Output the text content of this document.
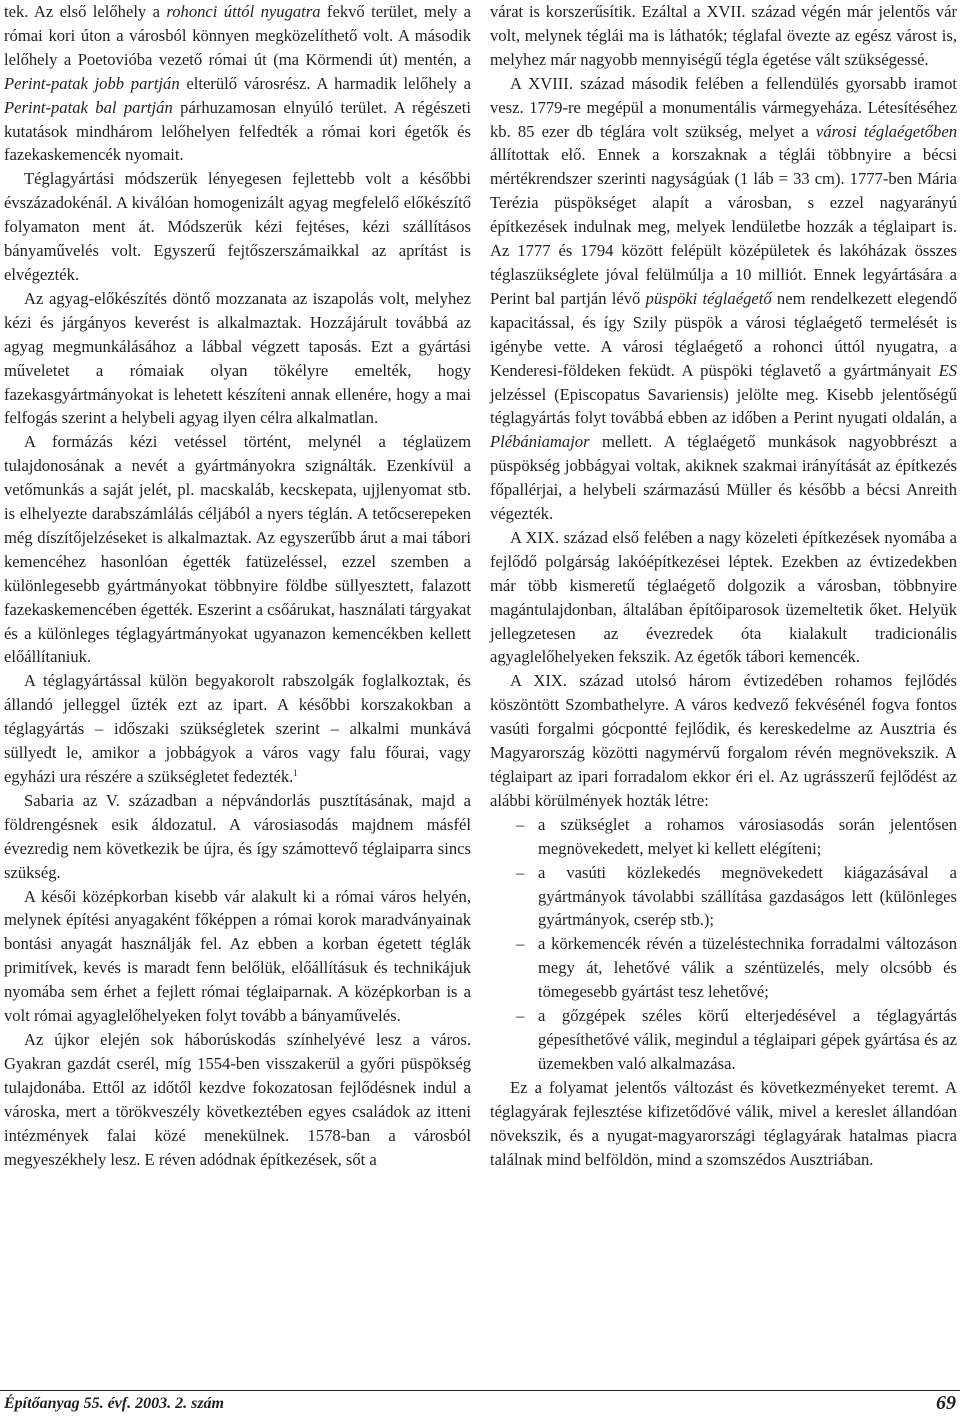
tek. Az első lelőhely a rohonci úttól nyugatra fekvő terület, mely a római kori úton a városból könnyen megközelíthető volt. A második lelőhely a Poetovióba vezető római út (ma Körmendi út) mentén, a Perint-patak jobb partján elterülő városrész. A harmadik lelőhely a Perint-patak bal partján párhuzamosan elnyúló terület. A régészeti kutatások mindhárom lelőhelyen felfedték a római kori égetők és fazekaskemencék nyomait.

Téglagyártási módszerük lényegesen fejlettebb volt a későbbi évszázadokénál. A kiválóan homogenizált agyag megfelelő előkészítő folyamaton ment át. Módszerük kézi fejtéses, kézi szállításos bányaművelés volt. Egyszerű fejtőszerszámaikkal az aprítást is elvégezték.

Az agyag-előkészítés döntő mozzanata az iszapolás volt, melyhez kézi és járgányos keverést is alkalmaztak. Hozzájárult továbbá az agyag megmunkálásához a lábbal végzett taposás. Ezt a gyártási műveletet a rómaiak olyan tökélyre emelték, hogy fazekasgyártmányokat is lehetett készíteni annak ellenére, hogy a mai felfogás szerint a helybeli agyag ilyen célra alkalmatlan.

A formázás kézi vetéssel történt, melynél a téglaüzem tulajdonosának a nevét a gyártmányokra szignálták. Ezenkívül a vetőmunkás a saját jelét, pl. macskaláb, kecskepata, ujjlenyomat stb. is elhelyezte darabszámlálás céljából a nyers téglán. A tetőcserepeken még díszítőjelzéseket is alkalmaztak. Az egyszerűbb árut a mai tábori kemencéhez hasonlóan égették fatüzeléssel, ezzel szemben a különlegesebb gyártmányokat többnyire földbe süllyesztett, falazott fazekaskemencében égették. Eszerint a csőárukat, használati tárgyakat és a különleges téglagyártmányokat ugyanazon kemencékben kellett előállítaniuk.

A téglagyártással külön begyakorolt rabszolgák foglalkoztak, és állandó jelleggel űzték ezt az ipart. A későbbi korszakokban a téglagyártás – időszaki szükségletek szerint – alkalmi munkává süllyedt le, amikor a jobbágyok a város vagy falu főurai, vagy egyházi ura részére a szükségletet fedezték.$^1$

Sabaria az V. században a népvándorlás pusztításának, majd a földrengésnek esik áldozatul. A városiasodás majdnem másfél évezredig nem következik be újra, és így számottevő téglaiparra sincs szükség.

A késői középkorban kisebb vár alakult ki a római város helyén, melynek építési anyagaként főképpen a római korok maradványainak bontási anyagát használják fel. Az ebben a korban égetett téglák primitívek, kevés is maradt fenn belőlük, előállításuk és technikájuk nyomába sem érhet a fejlett római téglaiparnak. A középkorban is a volt római agyaglelőhelyeken folyt tovább a bányaművelés.

Az újkor elején sok háborúskodás színhelyévé lesz a város. Gyakran gazdát cserél, míg 1554-ben visszakerül a győri püspökség tulajdonába. Ettől az időtől kezdve fokozatosan fejlődésnek indul a városka, mert a törökveszély következtében egyes családok az itteni intézmények falai közé menekülnek. 1578-ban a városból megyeszékhely lesz. E réven adódnak építkezések, sőt a

várat is korszerűsítik. Ezáltal a XVII. század végén már jelentős vár volt, melynek téglái ma is láthatók; téglafal övezte az egész várost is, melyhez már nagyobb mennyiségű tégla égetése vált szükségessé.

A XVIII. század második felében a fellendülés gyorsabb iramot vesz. 1779-re megépül a monumentális vármegyeháza. Létesítéséhez kb. 85 ezer db téglára volt szükség, melyet a városi téglaégetőben állítottak elő. Ennek a korszaknak a téglái többnyire a bécsi mértékrendszer szerinti nagyságúak (1 láb = 33 cm). 1777-ben Mária Terézia püspökséget alapít a városban, s ezzel nagyarányú építkezések indulnak meg, melyek lendületbe hozzák a téglaipart is. Az 1777 és 1794 között felépült középületek és lakóházak összes téglaszükséglete jóval felülmúlja a 10 milliót. Ennek legyártására a Perint bal partján lévő püspöki téglaégető nem rendelkezett elegendő kapacitással, és így Szily püspök a városi téglaégető termelését is igénybe vette. A városi téglaégető a rohonci úttól nyugatra, a Kenderesi-földeken feküdt. A püspöki téglavető a gyártmányait ES jelzéssel (Episcopatus Savariensis) jelölte meg. Kisebb jelentőségű téglagyártás folyt továbbá ebben az időben a Perint nyugati oldalán, a Plébániamajor mellett. A téglaégető munkások nagyobbrészt a püspökség jobbágyai voltak, akiknek szakmai irányítását az építkezés főpallérjai, a helybeli származású Müller és később a bécsi Anreith végezték.

A XIX. század első felében a nagy közeleti építkezések nyomába a fejlődő polgárság lakóépítkezései léptek. Ezekben az évtizedekben már több kismeretű téglaégető dolgozik a városban, többnyire magántulajdonban, általában építőiparosok üzemeltetik őket. Helyük jellegzetesen az évezredek óta kialakult tradicionális agyaglelőhelyeken fekszik. Az égetők tábori kemencék.

A XIX. század utolsó három évtizedében rohamos fejlődés köszöntött Szombathelyre. A város kedvező fekvésénél fogva fontos vasúti forgalmi gócpontté fejlődik, és kereskedelme az Ausztria és Magyarország közötti nagymérvű forgalom révén megnövekszik. A téglaipart az ipari forradalom ekkor éri el. Az ugrásszerű fejlődést az alábbi körülmények hozták létre:

– a szükséglet a rohamos városiasodás során jelentősen megnövekedett, melyet ki kellett elégíteni;
– a vasúti közlekedés megnövekedett kiágazásával a gyártmányok távolabbi szállítása gazdaságos lett (különleges gyártmányok, cserép stb.);
– a körkemencék révén a tüzeléstechnika forradalmi változáson megy át, lehetővé válik a széntüzelés, mely olcsóbb és tömegesebb gyártást tesz lehetővé;
– a gőzgépek széles körű elterjedésével a téglagyártás gépesíthetővé válik, megindul a téglaipari gépek gyártása és az üzemekben való alkalmazása.

Ez a folyamat jelentős változást és következményeket teremt. A téglagyárak fejlesztése kifizetődővé válik, mivel a kereslet állandóan növekszik, és a nyugat-magyarországi téglagyárak hatalmas piacra találnak mind belföldön, mind a szomszédos Ausztriában.

Építőanyag 55. évf. 2003. 2. szám	69
